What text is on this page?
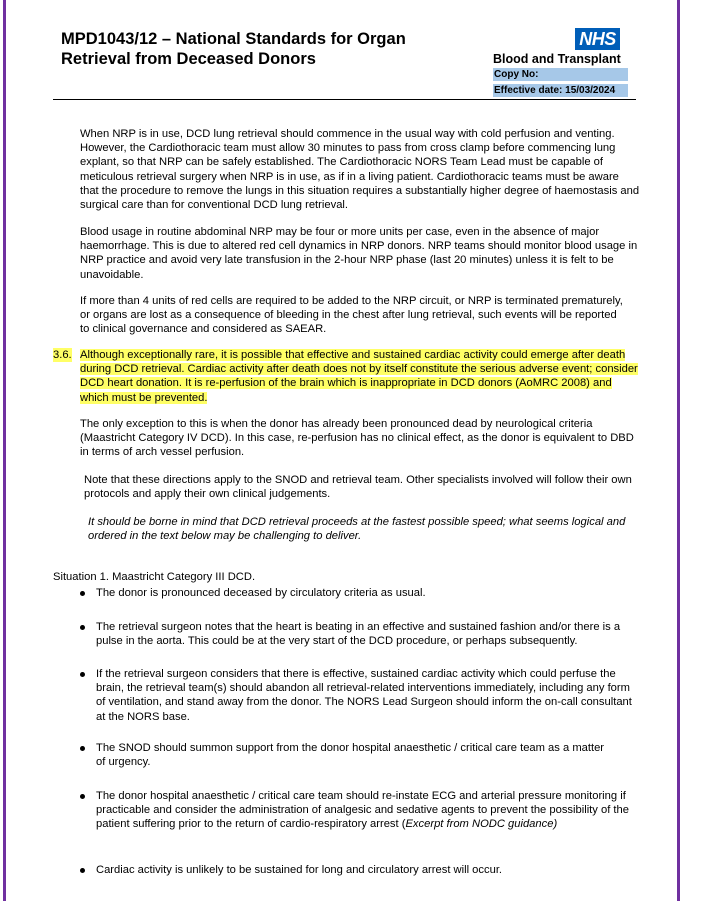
MPD1043/12 – National Standards for Organ
Retrieval from Deceased Donors
NHS
Blood and Transplant
Copy No:
Effective date: 15/03/2024

When NRP is in use, DCD lung retrieval should commence in the usual way with cold perfusion and venting. However, the Cardiothoracic team must allow 30 minutes to pass from cross clamp before commencing lung explant, so that NRP can be safely established. The Cardiothoracic NORS Team Lead must be capable of meticulous retrieval surgery when NRP is in use, as if in a living patient. Cardiothoracic teams must be aware that the procedure to remove the lungs in this situation requires a substantially higher degree of haemostasis and surgical care than for conventional DCD lung retrieval.

Blood usage in routine abdominal NRP may be four or more units per case, even in the absence of major haemorrhage. This is due to altered red cell dynamics in NRP donors. NRP teams should monitor blood usage in NRP practice and avoid very late transfusion in the 2-hour NRP phase (last 20 minutes) unless it is felt to be unavoidable.

If more than 4 units of red cells are required to be added to the NRP circuit, or NRP is terminated prematurely, or organs are lost as a consequence of bleeding in the chest after lung retrieval, such events will be reported to clinical governance and considered as SAEAR.

3.6. Although exceptionally rare, it is possible that effective and sustained cardiac activity could emerge after death during DCD retrieval. Cardiac activity after death does not by itself constitute the serious adverse event; consider DCD heart donation. It is re-perfusion of the brain which is inappropriate in DCD donors (AoMRC 2008) and which must be prevented.

The only exception to this is when the donor has already been pronounced dead by neurological criteria (Maastricht Category IV DCD). In this case, re-perfusion has no clinical effect, as the donor is equivalent to DBD in terms of arch vessel perfusion.

Note that these directions apply to the SNOD and retrieval team. Other specialists involved will follow their own protocols and apply their own clinical judgements.

It should be borne in mind that DCD retrieval proceeds at the fastest possible speed; what seems logical and ordered in the text below may be challenging to deliver.

Situation 1. Maastricht Category III DCD.

The donor is pronounced deceased by circulatory criteria as usual.

The retrieval surgeon notes that the heart is beating in an effective and sustained fashion and/or there is a pulse in the aorta. This could be at the very start of the DCD procedure, or perhaps subsequently.

If the retrieval surgeon considers that there is effective, sustained cardiac activity which could perfuse the brain, the retrieval team(s) should abandon all retrieval-related interventions immediately, including any form of ventilation, and stand away from the donor. The NORS Lead Surgeon should inform the on-call consultant at the NORS base.

The SNOD should summon support from the donor hospital anaesthetic / critical care team as a matter of urgency.

The donor hospital anaesthetic / critical care team should re-instate ECG and arterial pressure monitoring if practicable and consider the administration of analgesic and sedative agents to prevent the possibility of the patient suffering prior to the return of cardio-respiratory arrest (Excerpt from NODC guidance)

Cardiac activity is unlikely to be sustained for long and circulatory arrest will occur.
